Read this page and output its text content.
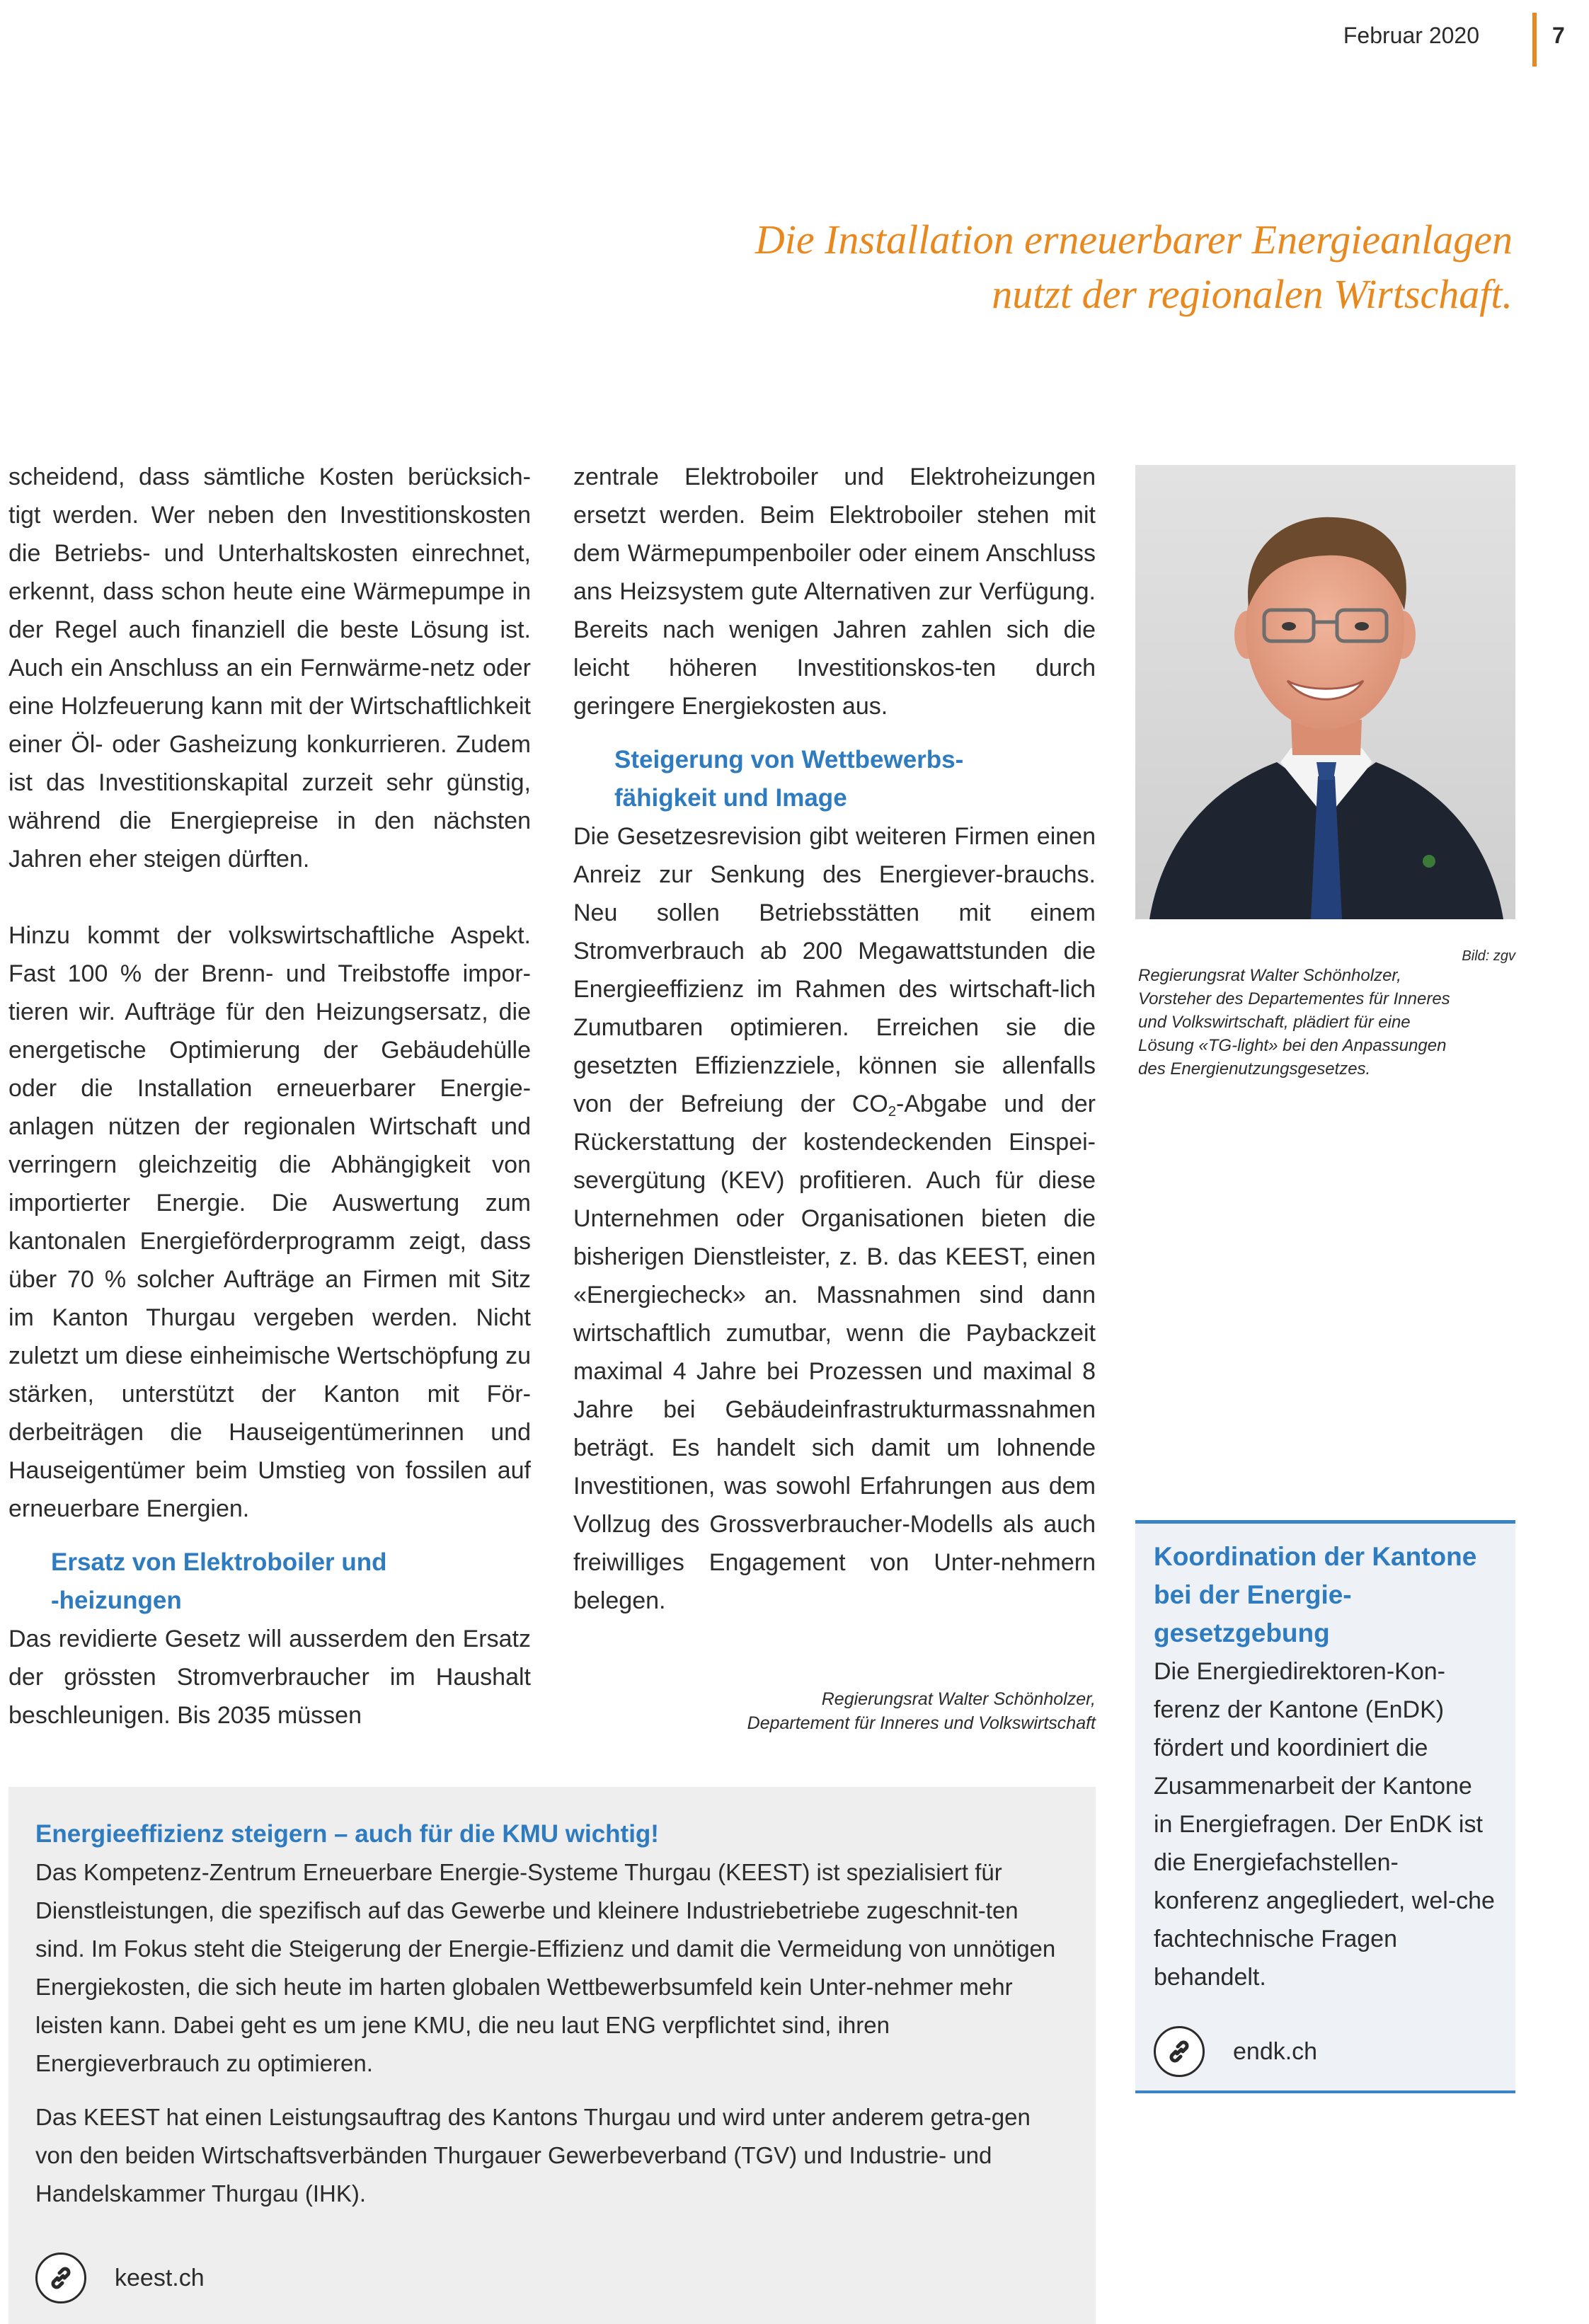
Februar 2020	7
Die Installation erneuerbarer Energieanlagen
nutzt der regionalen Wirtschaft.

scheidend, dass sämtliche Kosten berücksich-tigt werden. Wer neben den Investitionskosten die Betriebs- und Unterhaltskosten einrechnet, erkennt, dass schon heute eine Wärmepumpe in der Regel auch finanziell die beste Lösung ist. Auch ein Anschluss an ein Fernwärme-netz oder eine Holzfeuerung kann mit der Wirtschaftlichkeit einer Öl- oder Gasheizung konkurrieren. Zudem ist das Investitionskapital zurzeit sehr günstig, während die Energiepreise in den nächsten Jahren eher steigen dürften.

Hinzu kommt der volkswirtschaftliche Aspekt. Fast 100 % der Brenn- und Treibstoffe impor-tieren wir. Aufträge für den Heizungsersatz, die energetische Optimierung der Gebäudehülle oder die Installation erneuerbarer Energie-anlagen nützen der regionalen Wirtschaft und verringern gleichzeitig die Abhängigkeit von importierter Energie. Die Auswertung zum kantonalen Energieförderprogramm zeigt, dass über 70 % solcher Aufträge an Firmen mit Sitz im Kanton Thurgau vergeben werden. Nicht zuletzt um diese einheimische Wertschöpfung zu stärken, unterstützt der Kanton mit För-derbeiträgen die Hauseigentümerinnen und Hauseigentümer beim Umstieg von fossilen auf erneuerbare Energien.

Ersatz von Elektroboiler und
-heizungen

Das revidierte Gesetz will ausserdem den Ersatz der grössten Stromverbraucher im Haushalt beschleunigen. Bis 2035 müssen

zentrale Elektroboiler und Elektroheizungen ersetzt werden. Beim Elektroboiler stehen mit dem Wärmepumpenboiler oder einem Anschluss ans Heizsystem gute Alternativen zur Verfügung. Bereits nach wenigen Jahren zahlen sich die leicht höheren Investitionskos-ten durch geringere Energiekosten aus.

Steigerung von Wettbewerbs-
fähigkeit und Image

Die Gesetzesrevision gibt weiteren Firmen einen Anreiz zur Senkung des Energiever-brauchs. Neu sollen Betriebsstätten mit einem Stromverbrauch ab 200 Megawattstunden die Energieeffizienz im Rahmen des wirtschaft-lich Zumutbaren optimieren. Erreichen sie die gesetzten Effizienzziele, können sie allenfalls von der Befreiung der $CO_2$-Abgabe und der Rückerstattung der kostendeckenden Einspei-severgütung (KEV) profitieren. Auch für diese Unternehmen oder Organisationen bieten die bisherigen Dienstleister, z. B. das KEEST, einen «Energiecheck» an. Massnahmen sind dann wirtschaftlich zumutbar, wenn die Paybackzeit maximal 4 Jahre bei Prozessen und maximal 8 Jahre bei Gebäudeinfrastrukturmassnahmen beträgt. Es handelt sich damit um lohnende Investitionen, was sowohl Erfahrungen aus dem Vollzug des Grossverbraucher-Modells als auch freiwilliges Engagement von Unter-nehmern belegen.

Regierungsrat Walter Schönholzer,
Departement für Inneres und Volkswirtschaft
Bild: zgv
Regierungsrat Walter Schönholzer,
Vorsteher des Departementes für Inneres
und Volkswirtschaft, plädiert für eine
Lösung «TG-light» bei den Anpassungen
des Energienutzungsgesetzes.
Energieeffizienz steigern – auch für die KMU wichtig!

Das Kompetenz-Zentrum Erneuerbare Energie-Systeme Thurgau (KEEST) ist spezialisiert für Dienstleistungen, die spezifisch auf das Gewerbe und kleinere Industriebetriebe zugeschnit-ten sind. Im Fokus steht die Steigerung der Energie-Effizienz und damit die Vermeidung von unnötigen Energiekosten, die sich heute im harten globalen Wettbewerbsumfeld kein Unter-nehmer mehr leisten kann. Dabei geht es um jene KMU, die neu laut ENG verpflichtet sind, ihren Energieverbrauch zu optimieren.

Das KEEST hat einen Leistungsauftrag des Kantons Thurgau und wird unter anderem getra-gen von den beiden Wirtschaftsverbänden Thurgauer Gewerbeverband (TGV) und Industrie- und Handelskammer Thurgau (IHK).

keest.ch
Koordination der Kantone bei der Energie-gesetzgebung

Die Energiedirektoren-Kon-ferenz der Kantone (EnDK) fördert und koordiniert die Zusammenarbeit der Kantone in Energiefragen. Der EnDK ist die Energiefachstellen-konferenz angegliedert, wel-che fachtechnische Fragen behandelt.

endk.ch
